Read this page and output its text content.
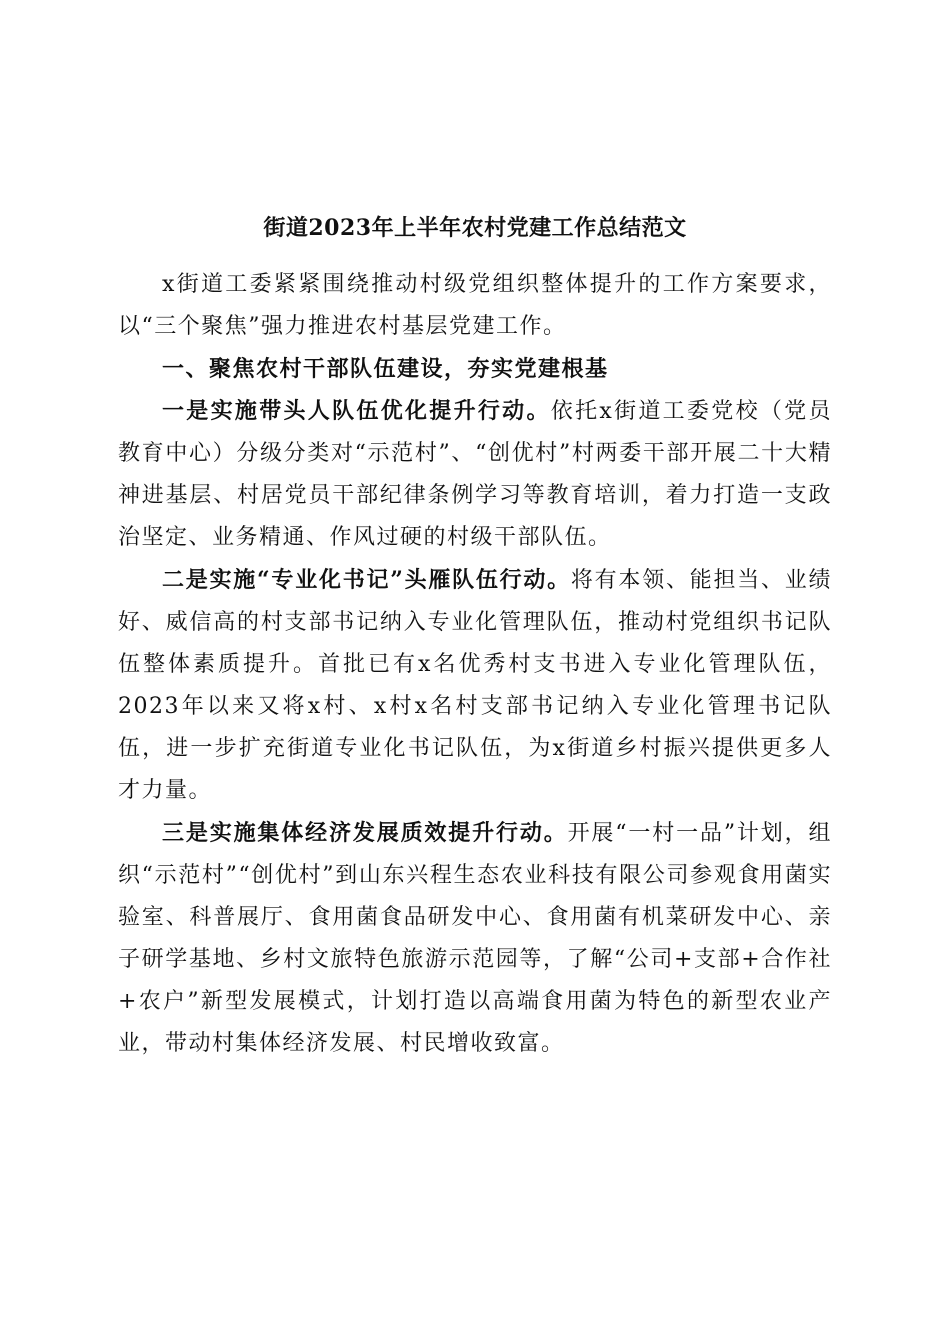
街道2023年上半年农村党建工作总结范文

x街道工委紧紧围绕推动村级党组织整体提升的工作方案要求，以“三个聚焦”强力推进农村基层党建工作。

一、聚焦农村干部队伍建设，夯实党建根基

一是实施带头人队伍优化提升行动。依托x街道工委党校（党员教育中心）分级分类对“示范村”、“创优村”村两委干部开展二十大精神进基层、村居党员干部纪律条例学习等教育培训，着力打造一支政治坚定、业务精通、作风过硬的村级干部队伍。

二是实施“专业化书记”头雁队伍行动。将有本领、能担当、业绩好、威信高的村支部书记纳入专业化管理队伍，推动村党组织书记队伍整体素质提升。首批已有x名优秀村支书进入专业化管理队伍，2023年以来又将x村、x村x名村支部书记纳入专业化管理书记队伍，进一步扩充街道专业化书记队伍，为x街道乡村振兴提供更多人才力量。

三是实施集体经济发展质效提升行动。开展“一村一品”计划，组织“示范村”“创优村”到山东兴程生态农业科技有限公司参观食用菌实验室、科普展厅、食用菌食品研发中心、食用菌有机菜研发中心、亲子研学基地、乡村文旅特色旅游示范园等，了解“公司+支部+合作社+农户”新型发展模式，计划打造以高端食用菌为特色的新型农业产业，带动村集体经济发展、村民增收致富。
